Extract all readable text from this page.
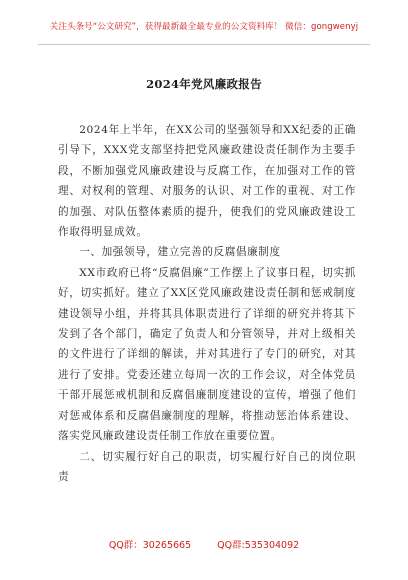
关注头条号“公文研究”，获得最新最全最专业的公文资料库！ 微信：gongwenyj
2024年党风廉政报告

2024年上半年，在XX公司的坚强领导和XX纪委的正确引导下，XXX党支部坚持把党风廉政建设责任制作为主要手段，不断加强党风廉政建设与反腐工作，在加强对工作的管理、对权利的管理、对服务的认识、对工作的重视、对工作的加强、对队伍整体素质的提升，使我们的党风廉政建设工作取得明显成效。

一、加强领导，建立完善的反腐倡廉制度

XX市政府已将“反腐倡廉”工作摆上了议事日程，切实抓好，切实抓好。建立了XX区党风廉政建设责任制和惩戒制度建设领导小组，并将其具体职责进行了详细的研究并将其下发到了各个部门，确定了负责人和分管领导，并对上级相关的文件进行了详细的解读，并对其进行了专门的研究，对其进行了安排。党委还建立每周一次的工作会议，对全体党员干部开展惩戒机制和反腐倡廉制度建设的宣传，增强了他们对惩戒体系和反腐倡廉制度的理解，将推动惩治体系建设、落实党风廉政建设责任制工作放在重要位置。

二、切实履行好自己的职责，切实履行好自己的岗位职责

QQ群：30265665	QQ群:535304092
